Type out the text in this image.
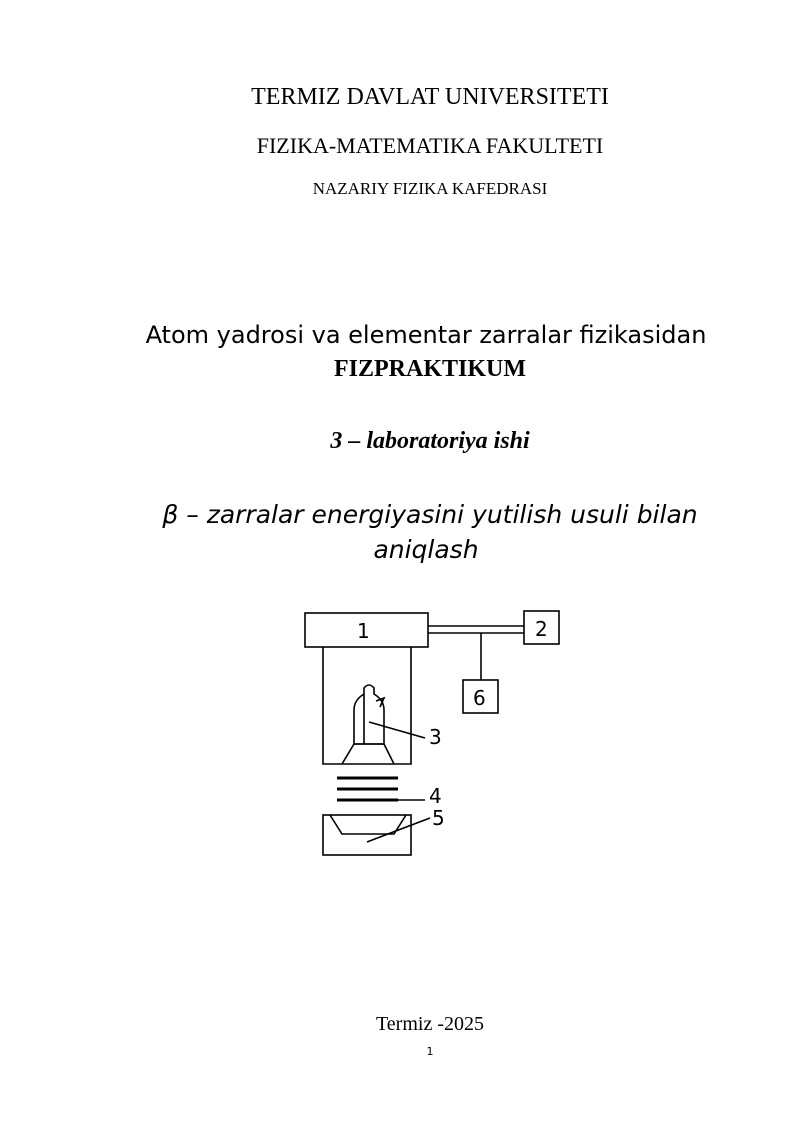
TERMIZ DAVLAT UNIVERSITETI
FIZIKA-MATEMATIKA FAKULTETI
NAZARIY FIZIKA KAFEDRASI
Atom yadrosi va elementar zarralar fizikasidan
FIZPRAKTIKUM
3 – laboratoriya ishi
β – zarralar energiyasini yutilish usuli bilan
aniqlash
1	2
6
3
4
5
Termiz -2025
1
